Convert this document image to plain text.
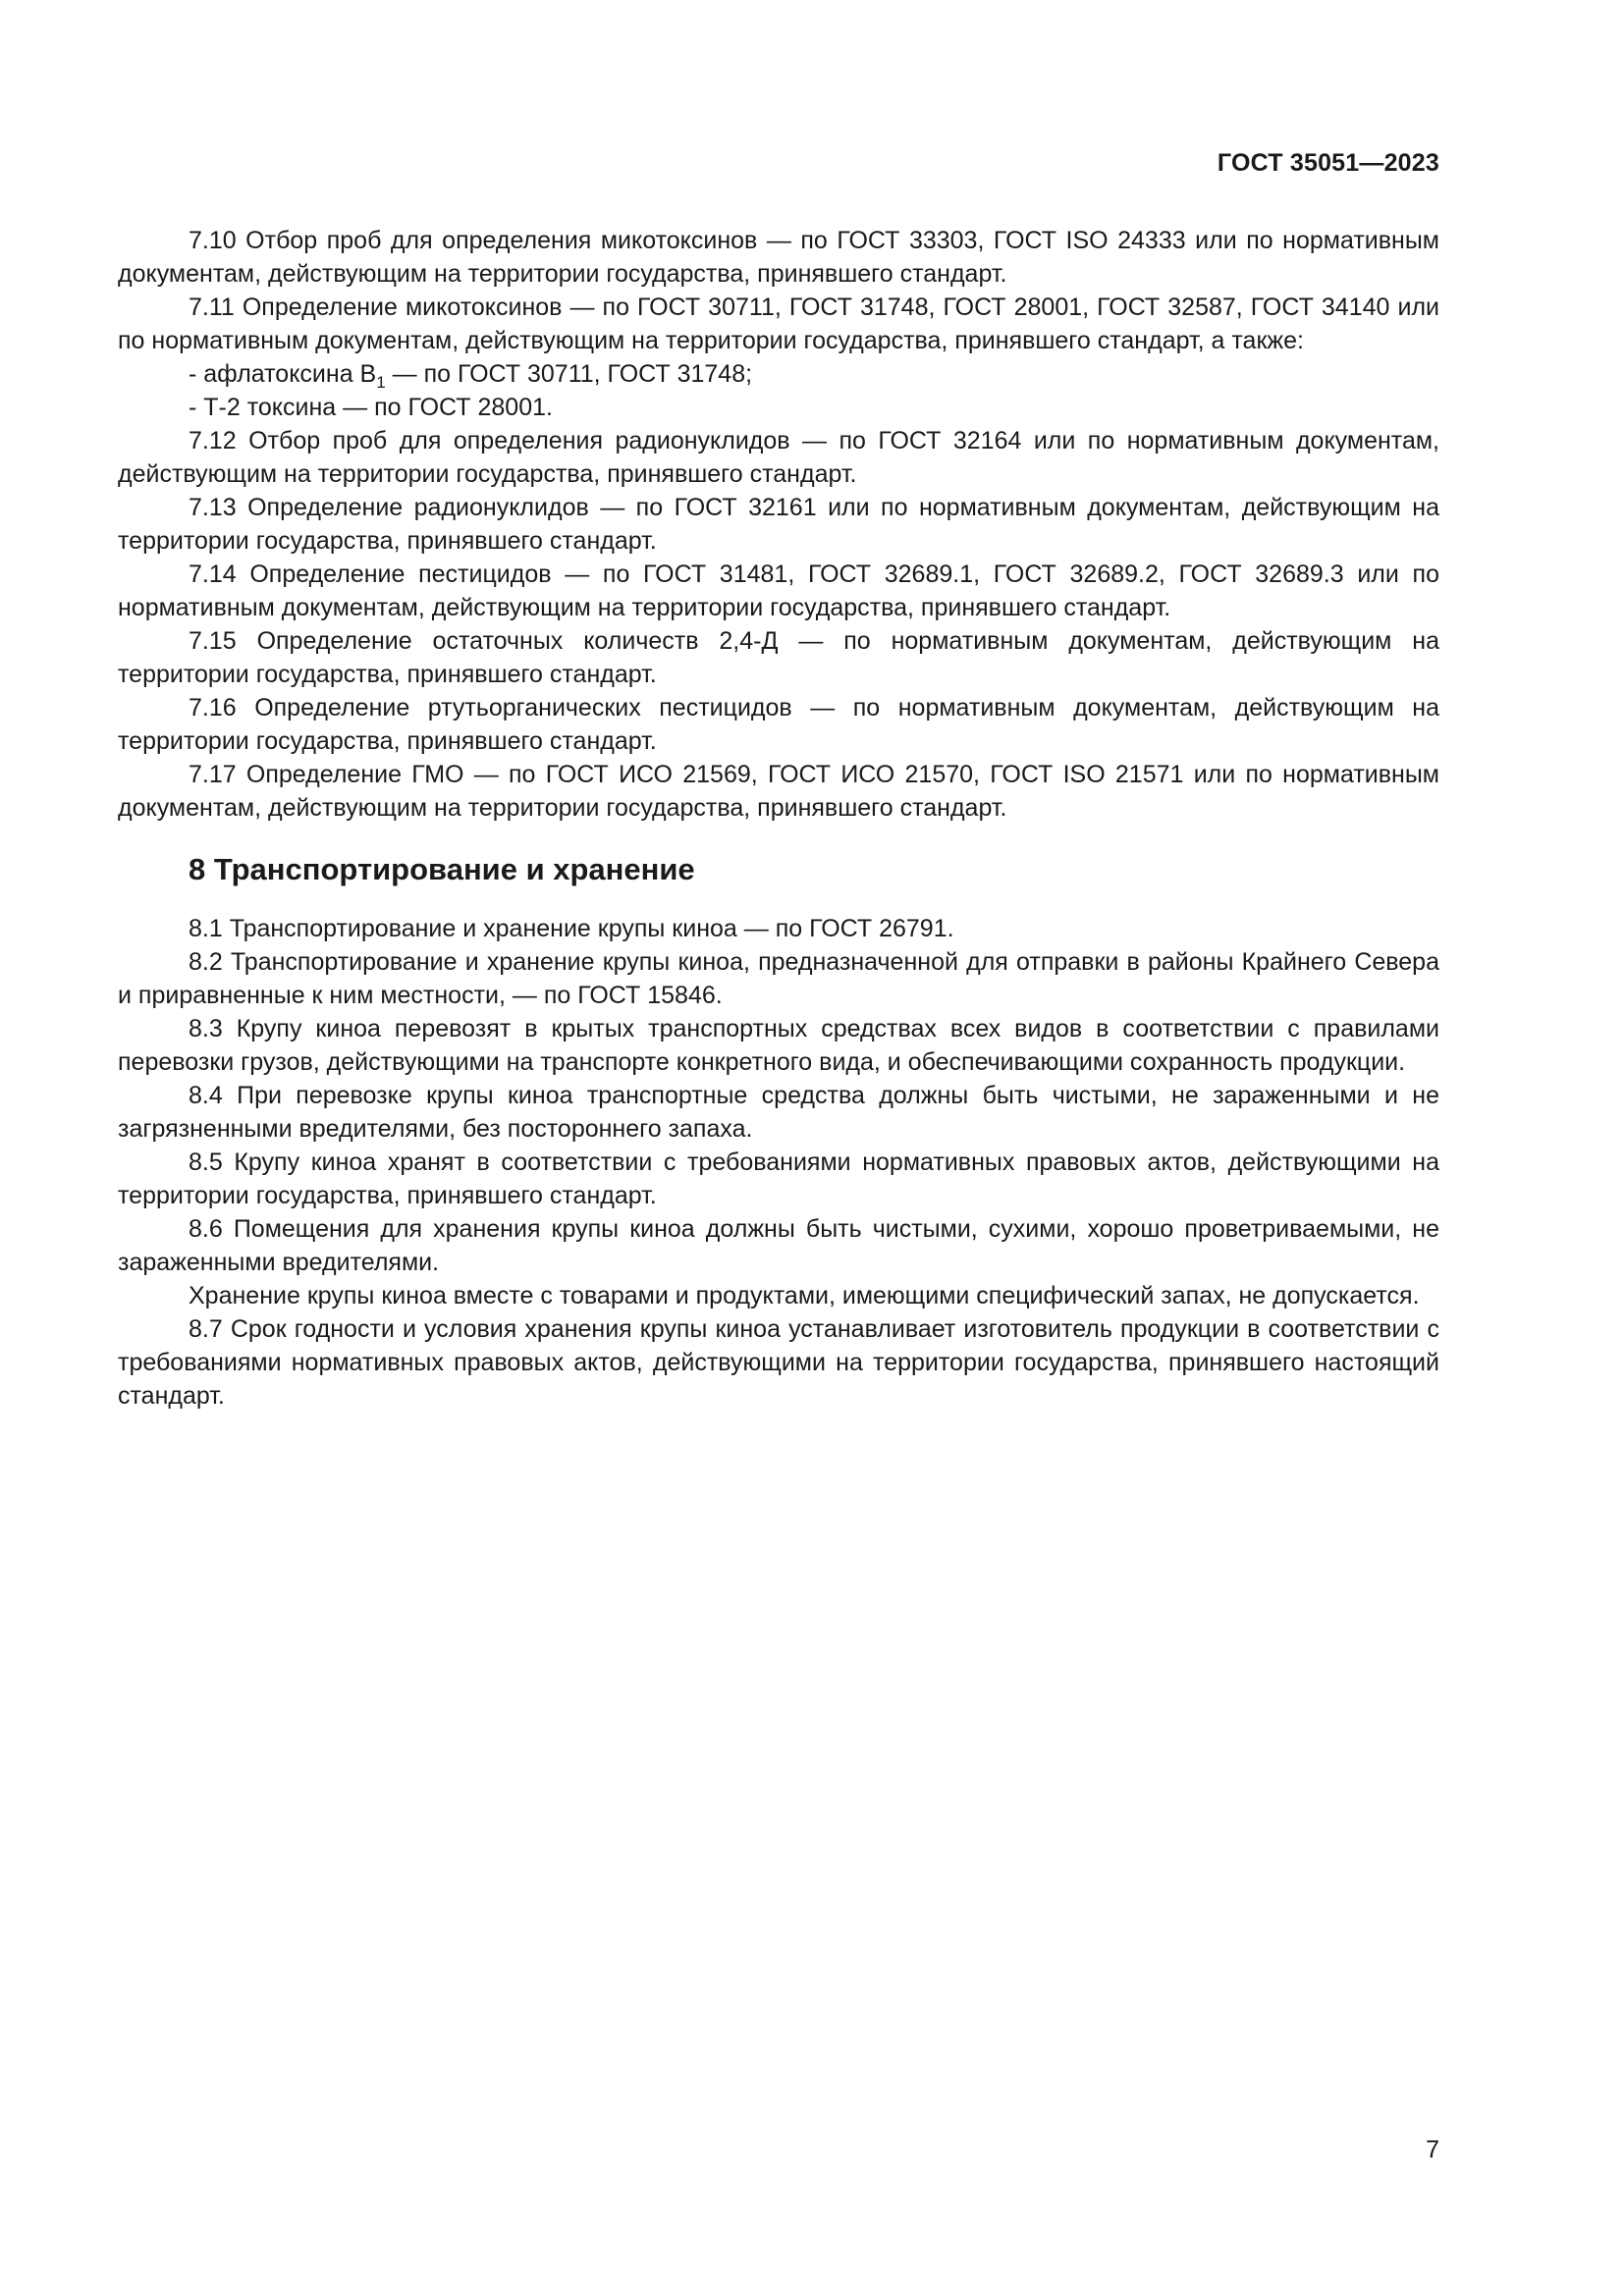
ГОСТ 35051—2023

7.10 Отбор проб для определения микотоксинов — по ГОСТ 33303, ГОСТ ISO 24333 или по нормативным документам, действующим на территории государства, принявшего стандарт.

7.11 Определение микотоксинов — по ГОСТ 30711, ГОСТ 31748, ГОСТ 28001, ГОСТ 32587, ГОСТ 34140 или по нормативным документам, действующим на территории государства, принявшего стандарт, а также:

- афлатоксина $B_1$ — по ГОСТ 30711, ГОСТ 31748;

- Т-2 токсина — по ГОСТ 28001.

7.12 Отбор проб для определения радионуклидов — по ГОСТ 32164 или по нормативным документам, действующим на территории государства, принявшего стандарт.

7.13 Определение радионуклидов — по ГОСТ 32161 или по нормативным документам, действующим на территории государства, принявшего стандарт.

7.14 Определение пестицидов — по ГОСТ 31481, ГОСТ 32689.1, ГОСТ 32689.2, ГОСТ 32689.3 или по нормативным документам, действующим на территории государства, принявшего стандарт.

7.15 Определение остаточных количеств 2,4-Д — по нормативным документам, действующим на территории государства, принявшего стандарт.

7.16 Определение ртутьорганических пестицидов — по нормативным документам, действующим на территории государства, принявшего стандарт.

7.17 Определение ГМО — по ГОСТ ИСО 21569, ГОСТ ИСО 21570, ГОСТ ISO 21571 или по нормативным документам, действующим на территории государства, принявшего стандарт.

8 Транспортирование и хранение

8.1 Транспортирование и хранение крупы киноа — по ГОСТ 26791.

8.2 Транспортирование и хранение крупы киноа, предназначенной для отправки в районы Крайнего Севера и приравненные к ним местности, — по ГОСТ 15846.

8.3 Крупу киноа перевозят в крытых транспортных средствах всех видов в соответствии с правилами перевозки грузов, действующими на транспорте конкретного вида, и обеспечивающими сохранность продукции.

8.4 При перевозке крупы киноа транспортные средства должны быть чистыми, не зараженными и не загрязненными вредителями, без постороннего запаха.

8.5 Крупу киноа хранят в соответствии с требованиями нормативных правовых актов, действующими на территории государства, принявшего стандарт.

8.6 Помещения для хранения крупы киноа должны быть чистыми, сухими, хорошо проветриваемыми, не зараженными вредителями.

Хранение крупы киноа вместе с товарами и продуктами, имеющими специфический запах, не допускается.

8.7 Срок годности и условия хранения крупы киноа устанавливает изготовитель продукции в соответствии с требованиями нормативных правовых актов, действующими на территории государства, принявшего настоящий стандарт.

7
